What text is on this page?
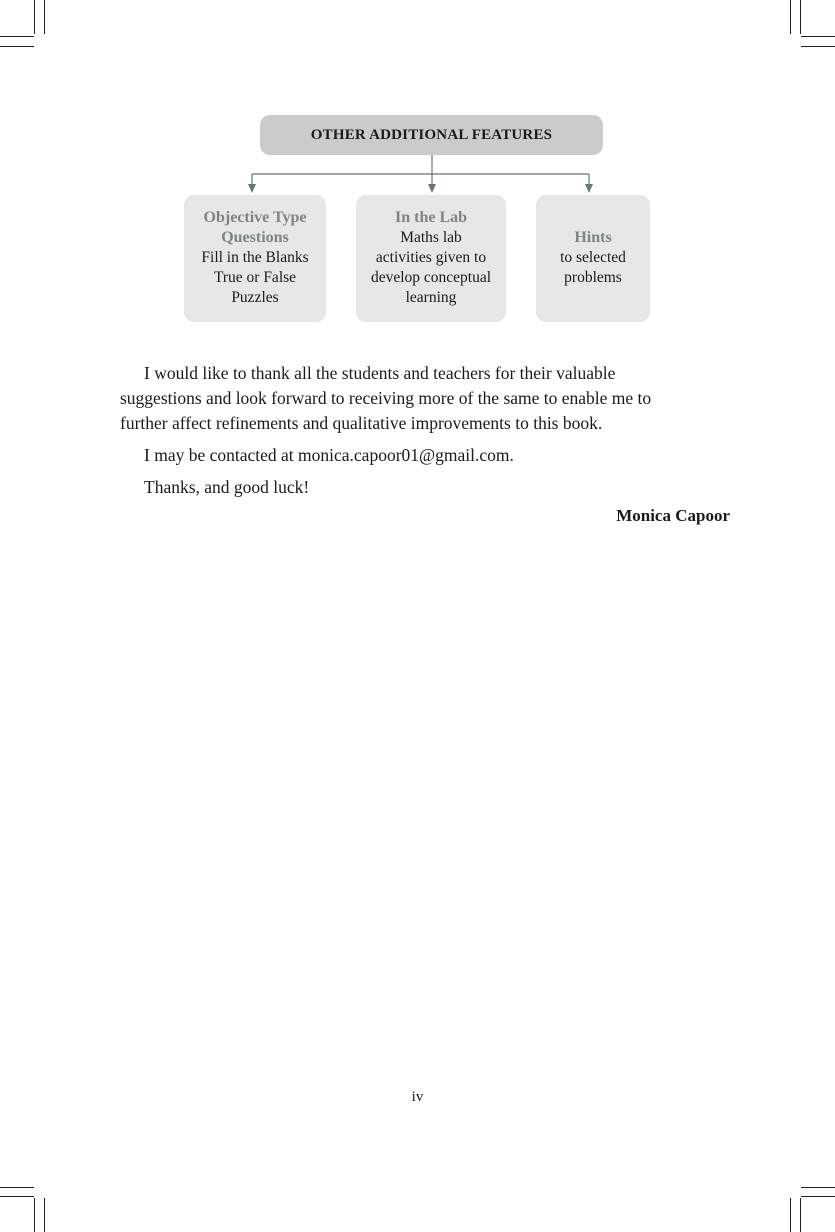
OTHER ADDITIONAL FEATURES
Objective Type
Questions
Fill in the Blanks
True or False
Puzzles
In the Lab
Maths lab
activities given to
develop conceptual
learning
Hints
to selected
problems
I would like to thank all the students and teachers for their valuable
suggestions and look forward to receiving more of the same to enable me to
further affect refinements and qualitative improvements to this book.

I may be contacted at monica.capoor01@gmail.com.

Thanks, and good luck!

Monica Capoor
iv
